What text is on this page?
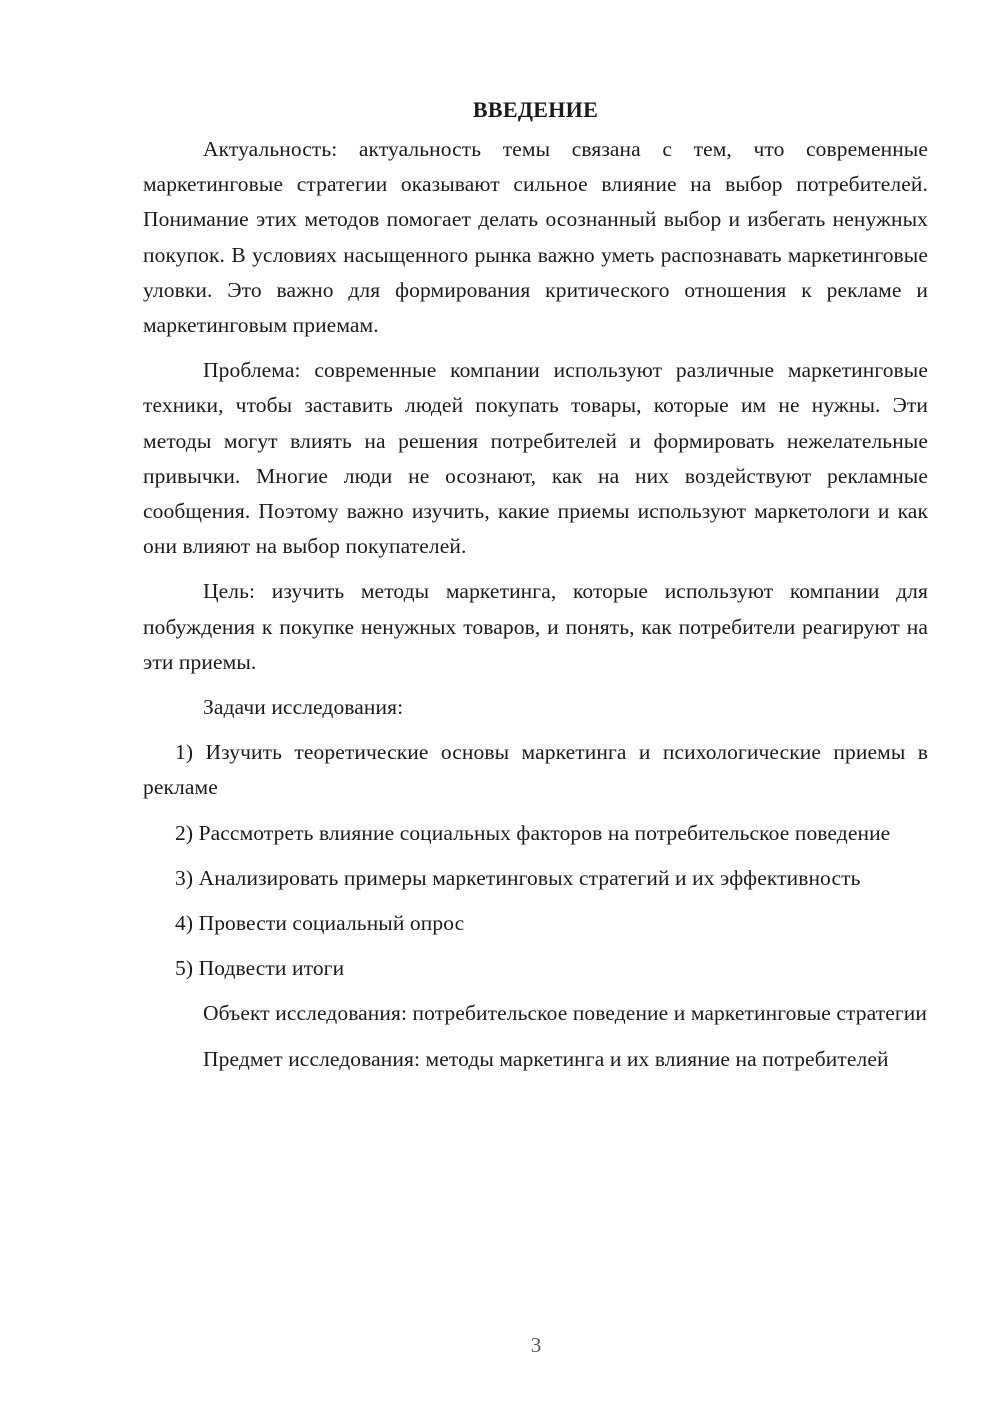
ВВЕДЕНИЕ

Актуальность: актуальность темы связана с тем, что современные маркетинговые стратегии оказывают сильное влияние на выбор потребителей. Понимание этих методов помогает делать осознанный выбор и избегать ненужных покупок. В условиях насыщенного рынка важно уметь распознавать маркетинговые уловки. Это важно для формирования критического отношения к рекламе и маркетинговым приемам.

Проблема: современные компании используют различные маркетинговые техники, чтобы заставить людей покупать товары, которые им не нужны. Эти методы могут влиять на решения потребителей и формировать нежелательные привычки. Многие люди не осознают, как на них воздействуют рекламные сообщения. Поэтому важно изучить, какие приемы используют маркетологи и как они влияют на выбор покупателей.

Цель: изучить методы маркетинга, которые используют компании для побуждения к покупке ненужных товаров, и понять, как потребители реагируют на эти приемы.

Задачи исследования:

1) Изучить теоретические основы маркетинга и психологические приемы в рекламе

2) Рассмотреть влияние социальных факторов на потребительское поведение

3) Анализировать примеры маркетинговых стратегий и их эффективность

4) Провести социальный опрос

5) Подвести итоги

Объект исследования: потребительское поведение и маркетинговые стратегии

Предмет исследования: методы маркетинга и их влияние на потребителей

3
